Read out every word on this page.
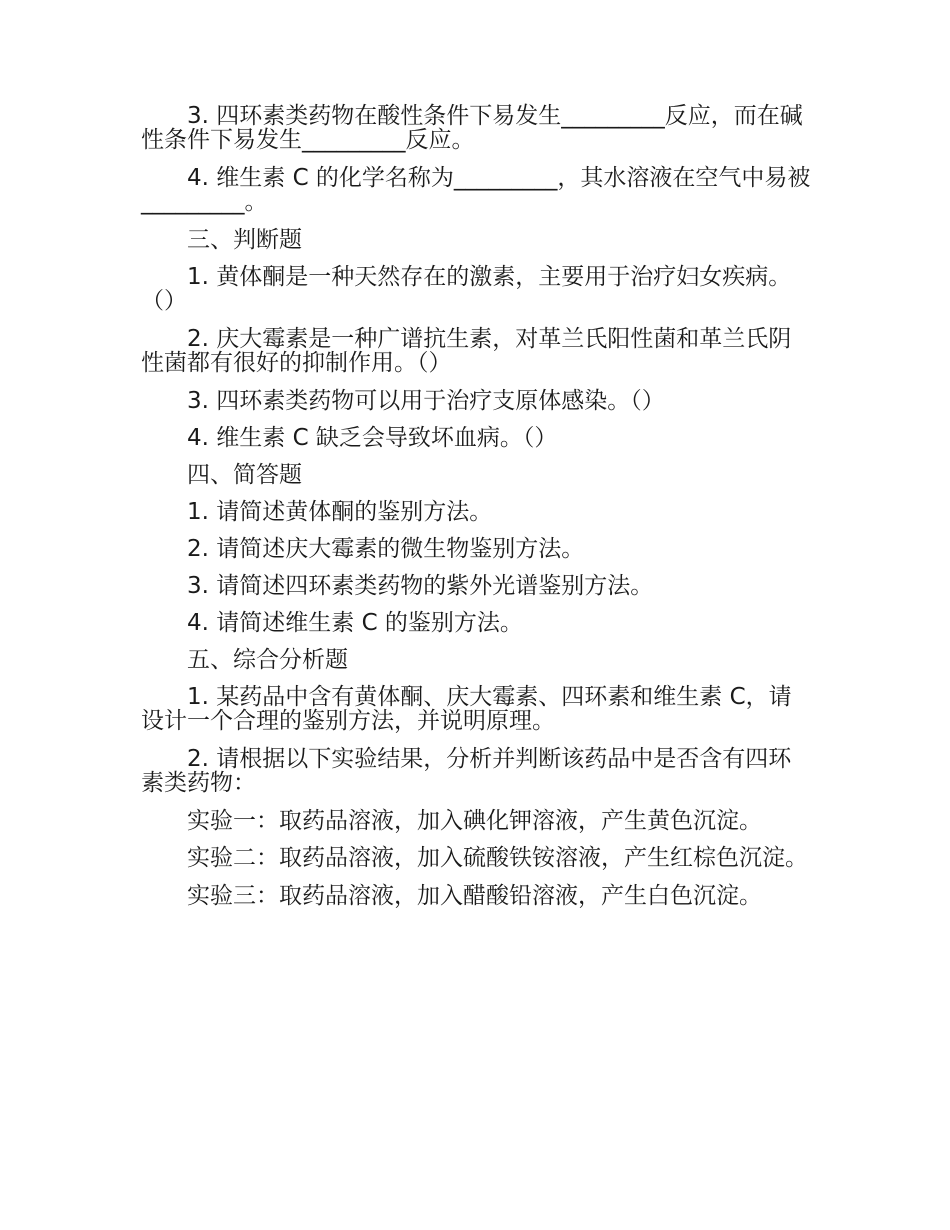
3. 四环素类药物在酸性条件下易发生_________反应，而在碱性条件下易发生_________反应。

4. 维生素 C 的化学名称为_________，其水溶液在空气中易被_________。

三、判断题

1. 黄体酮是一种天然存在的激素，主要用于治疗妇女疾病。（）

2. 庆大霉素是一种广谱抗生素，对革兰氏阳性菌和革兰氏阴性菌都有很好的抑制作用。（）

3. 四环素类药物可以用于治疗支原体感染。（）

4. 维生素 C 缺乏会导致坏血病。（）

四、简答题

1. 请简述黄体酮的鉴别方法。

2. 请简述庆大霉素的微生物鉴别方法。

3. 请简述四环素类药物的紫外光谱鉴别方法。

4. 请简述维生素 C 的鉴别方法。

五、综合分析题

1. 某药品中含有黄体酮、庆大霉素、四环素和维生素 C，请设计一个合理的鉴别方法，并说明原理。

2. 请根据以下实验结果，分析并判断该药品中是否含有四环素类药物：

实验一：取药品溶液，加入碘化钾溶液，产生黄色沉淀。

实验二：取药品溶液，加入硫酸铁铵溶液，产生红棕色沉淀。

实验三：取药品溶液，加入醋酸铅溶液，产生白色沉淀。
